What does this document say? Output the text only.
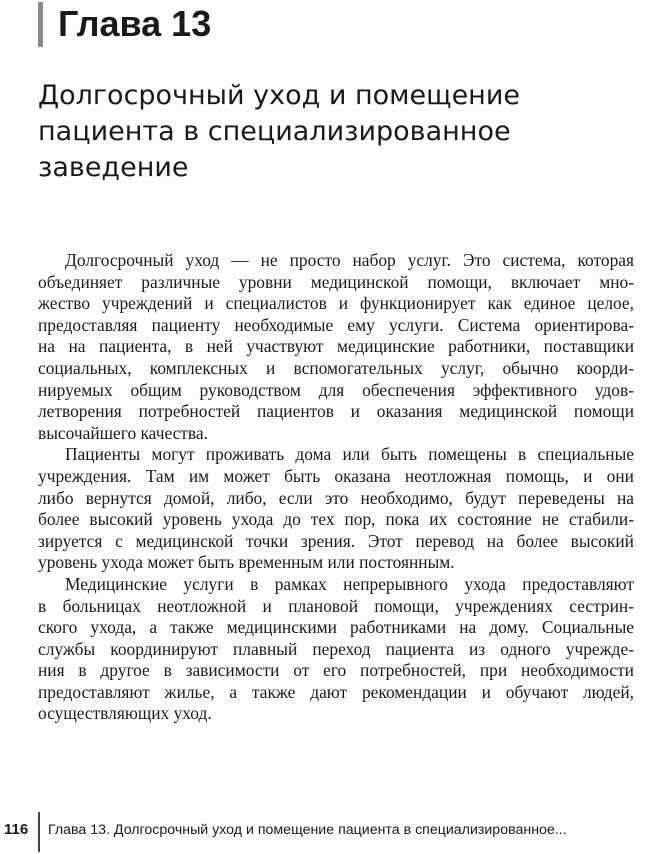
Глава 13
Долгосрочный уход и помещение
пациента в специализированное
заведение

Долгосрочный уход — не просто набор услуг. Это система, которая
объединяет различные уровни медицинской помощи, включает мно-
жество учреждений и специалистов и функционирует как единое целое,
предоставляя пациенту необходимые ему услуги. Система ориентирова-
на на пациента, в ней участвуют медицинские работники, поставщики
социальных, комплексных и вспомогательных услуг, обычно коорди-
нируемых общим руководством для обеспечения эффективного удов-
летворения потребностей пациентов и оказания медицинской помощи
высочайшего качества.

Пациенты могут проживать дома или быть помещены в специальные
учреждения. Там им может быть оказана неотложная помощь, и они
либо вернутся домой, либо, если это необходимо, будут переведены на
более высокий уровень ухода до тех пор, пока их состояние не стабили-
зируется с медицинской точки зрения. Этот перевод на более высокий
уровень ухода может быть временным или постоянным.

Медицинские услуги в рамках непрерывного ухода предоставляют
в больницах неотложной и плановой помощи, учреждениях сестрин-
ского ухода, а также медицинскими работниками на дому. Социальные
службы координируют плавный переход пациента из одного учрежде-
ния в другое в зависимости от его потребностей, при необходимости
предоставляют жилье, а также дают рекомендации и обучают людей,
осуществляющих уход.

116 Глава 13. Долгосрочный уход и помещение пациента в специализированное...
